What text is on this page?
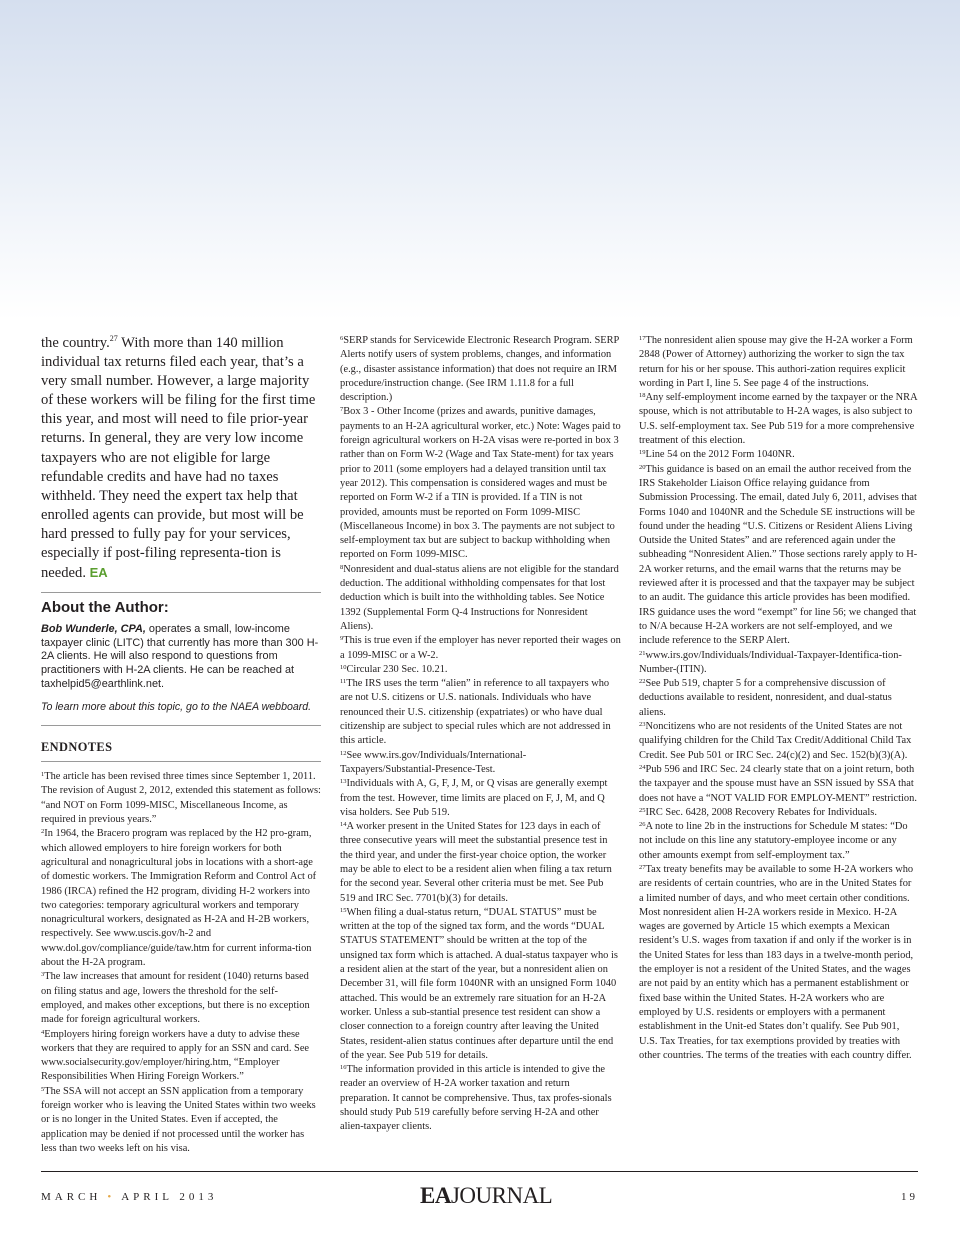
the country.$^{27}$ With more than 140 million individual tax returns filed each year, that’s a very small number. However, a large majority of these workers will be filing for the first time this year, and most will need to file prior-year returns. In general, they are very low income taxpayers who are not eligible for large refundable credits and have had no taxes withheld. They need the expert tax help that enrolled agents can provide, but most will be hard pressed to fully pay for your services, especially if post-filing representa-tion is needed. EA

About the Author:

Bob Wunderle, CPA, operates a small, low-income taxpayer clinic (LITC) that currently has more than 300 H-2A clients. He will also respond to questions from practitioners with H-2A clients. He can be reached at taxhelpid5@earthlink.net.

To learn more about this topic, go to the NAEA webboard.

ENDNOTES

$^1$The article has been revised three times since September 1, 2011. The revision of August 2, 2012, extended this statement as follows: “and NOT on Form 1099-MISC, Miscellaneous Income, as required in previous years.”

$^2$In 1964, the Bracero program was replaced by the H2 pro-gram, which allowed employers to hire foreign workers for both agricultural and nonagricultural jobs in locations with a short-age of domestic workers. The Immigration Reform and Control Act of 1986 (IRCA) refined the H2 program, dividing H-2 workers into two categories: temporary agricultural workers and temporary nonagricultural workers, designated as H-2A and H-2B workers, respectively. See www.uscis.gov/h-2 and www.dol.gov/compliance/guide/taw.htm for current informa-tion about the H-2A program.

$^3$The law increases that amount for resident (1040) returns based on filing status and age, lowers the threshold for the self-employed, and makes other exceptions, but there is no exception made for foreign agricultural workers.

$^4$Employers hiring foreign workers have a duty to advise these workers that they are required to apply for an SSN and card. See www.socialsecurity.gov/employer/hiring.htm, “Employer Responsibilities When Hiring Foreign Workers.”

$^5$The SSA will not accept an SSN application from a temporary foreign worker who is leaving the United States within two weeks or is no longer in the United States. Even if accepted, the application may be denied if not processed until the worker has less than two weeks left on his visa.

$^6$SERP stands for Servicewide Electronic Research Program. SERP Alerts notify users of system problems, changes, and information (e.g., disaster assistance information) that does not require an IRM procedure/instruction change. (See IRM 1.11.8 for a full description.)

$^7$Box 3 - Other Income (prizes and awards, punitive damages, payments to an H-2A agricultural worker, etc.) Note: Wages paid to foreign agricultural workers on H-2A visas were re-ported in box 3 rather than on Form W-2 (Wage and Tax State-ment) for tax years prior to 2011 (some employers had a delayed transition until tax year 2012). This compensation is considered wages and must be reported on Form W-2 if a TIN is provided. If a TIN is not provided, amounts must be reported on Form 1099-MISC (Miscellaneous Income) in box 3. The payments are not subject to self-employment tax but are subject to backup withholding when reported on Form 1099-MISC.

$^8$Nonresident and dual-status aliens are not eligible for the standard deduction. The additional withholding compensates for that lost deduction which is built into the withholding tables. See Notice 1392 (Supplemental Form Q-4 Instructions for Nonresident Aliens).

$^9$This is true even if the employer has never reported their wages on a 1099-MISC or a W-2.

$^{10}$Circular 230 Sec. 10.21.

$^{11}$The IRS uses the term “alien” in reference to all taxpayers who are not U.S. citizens or U.S. nationals. Individuals who have renounced their U.S. citizenship (expatriates) or who have dual citizenship are subject to special rules which are not addressed in this article.

$^{12}$See www.irs.gov/Individuals/International-Taxpayers/Substantial-Presence-Test.

$^{13}$Individuals with A, G, F, J, M, or Q visas are generally exempt from the test. However, time limits are placed on F, J, M, and Q visa holders. See Pub 519.

$^{14}$A worker present in the United States for 123 days in each of three consecutive years will meet the substantial presence test in the third year, and under the first-year choice option, the worker may be able to elect to be a resident alien when filing a tax return for the second year. Several other criteria must be met. See Pub 519 and IRC Sec. 7701(b)(3) for details.

$^{15}$When filing a dual-status return, “DUAL STATUS” must be written at the top of the signed tax form, and the words “DUAL STATUS STATEMENT” should be written at the top of the unsigned tax form which is attached. A dual-status taxpayer who is a resident alien at the start of the year, but a nonresident alien on December 31, will file form 1040NR with an unsigned Form 1040 attached. This would be an extremely rare situation for an H-2A worker. Unless a sub-stantial presence test resident can show a closer connection to a foreign country after leaving the United States, resident-alien status continues after departure until the end of the year. See Pub 519 for details.

$^{16}$The information provided in this article is intended to give the reader an overview of H-2A worker taxation and return preparation. It cannot be comprehensive. Thus, tax profes-sionals should study Pub 519 carefully before serving H-2A and other alien-taxpayer clients.

$^{17}$The nonresident alien spouse may give the H-2A worker a Form 2848 (Power of Attorney) authorizing the worker to sign the tax return for his or her spouse. This authori-zation requires explicit wording in Part I, line 5. See page 4 of the instructions.

$^{18}$Any self-employment income earned by the taxpayer or the NRA spouse, which is not attributable to H-2A wages, is also subject to U.S. self-employment tax. See Pub 519 for a more comprehensive treatment of this election.

$^{19}$Line 54 on the 2012 Form 1040NR.

$^{20}$This guidance is based on an email the author received from the IRS Stakeholder Liaison Office relaying guidance from Submission Processing. The email, dated July 6, 2011, advises that Forms 1040 and 1040NR and the Schedule SE instructions will be found under the heading “U.S. Citizens or Resident Aliens Living Outside the United States” and are referenced again under the subheading “Nonresident Alien.” Those sections rarely apply to H-2A worker returns, and the email warns that the returns may be reviewed after it is processed and that the taxpayer may be subject to an audit. The guidance this article provides has been modified. IRS guidance uses the word “exempt” for line 56; we changed that to N/A because H-2A workers are not self-employed, and we include reference to the SERP Alert.

$^{21}$www.irs.gov/Individuals/Individual-Taxpayer-Identifica-tion-Number-(ITIN).

$^{22}$See Pub 519, chapter 5 for a comprehensive discussion of deductions available to resident, nonresident, and dual-status aliens.

$^{23}$Noncitizens who are not residents of the United States are not qualifying children for the Child Tax Credit/Additional Child Tax Credit. See Pub 501 or IRC Sec. 24(c)(2) and Sec. 152(b)(3)(A).

$^{24}$Pub 596 and IRC Sec. 24 clearly state that on a joint return, both the taxpayer and the spouse must have an SSN issued by SSA that does not have a “NOT VALID FOR EMPLOY-MENT” restriction.

$^{25}$IRC Sec. 6428, 2008 Recovery Rebates for Individuals.

$^{26}$A note to line 2b in the instructions for Schedule M states: “Do not include on this line any statutory-employee income or any other amounts exempt from self-employment tax.”

$^{27}$Tax treaty benefits may be available to some H-2A workers who are residents of certain countries, who are in the United States for a limited number of days, and who meet certain other conditions. Most nonresident alien H-2A workers reside in Mexico. H-2A wages are governed by Article 15 which exempts a Mexican resident’s U.S. wages from taxation if and only if the worker is in the United States for less than 183 days in a twelve-month period, the employer is not a resident of the United States, and the wages are not paid by an entity which has a permanent establishment or fixed base within the United States. H-2A workers who are employed by U.S. residents or employers with a permanent establishment in the Unit-ed States don’t qualify. See Pub 901, U.S. Tax Treaties, for tax exemptions provided by treaties with other countries. The terms of the treaties with each country differ.

MARCH • APRIL 2013	EAJOURNAL	19
